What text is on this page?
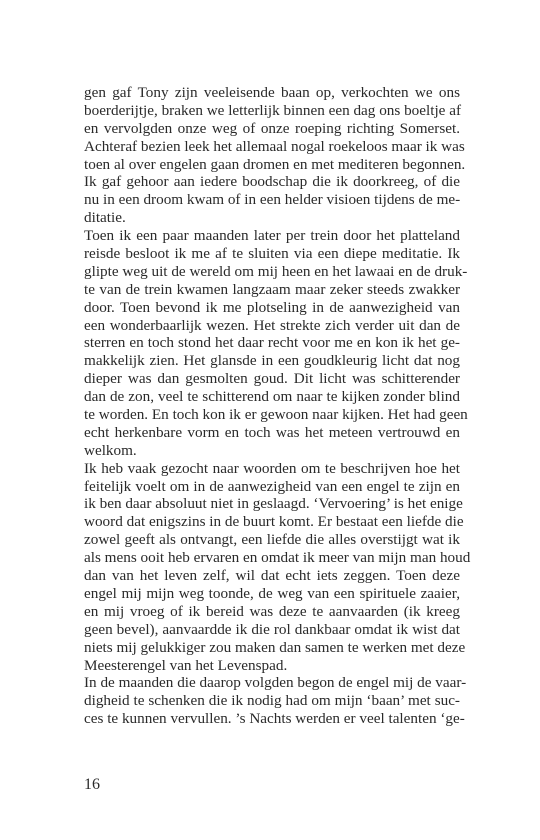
gen gaf Tony zijn veeleisende baan op, verkochten we ons
boerderijtje, braken we letterlijk binnen een dag ons boeltje af
en vervolgden onze weg of onze roeping richting Somerset.
Achteraf bezien leek het allemaal nogal roekeloos maar ik was
toen al over engelen gaan dromen en met mediteren begonnen.
Ik gaf gehoor aan iedere boodschap die ik doorkreeg, of die
nu in een droom kwam of in een helder visioen tijdens de me-
ditatie.
Toen ik een paar maanden later per trein door het platteland
reisde besloot ik me af te sluiten via een diepe meditatie. Ik
glipte weg uit de wereld om mij heen en het lawaai en de druk-
te van de trein kwamen langzaam maar zeker steeds zwakker
door. Toen bevond ik me plotseling in de aanwezigheid van
een wonderbaarlijk wezen. Het strekte zich verder uit dan de
sterren en toch stond het daar recht voor me en kon ik het ge-
makkelijk zien. Het glansde in een goudkleurig licht dat nog
dieper was dan gesmolten goud. Dit licht was schitterender
dan de zon, veel te schitterend om naar te kijken zonder blind
te worden. En toch kon ik er gewoon naar kijken. Het had geen
echt herkenbare vorm en toch was het meteen vertrouwd en
welkom.
Ik heb vaak gezocht naar woorden om te beschrijven hoe het
feitelijk voelt om in de aanwezigheid van een engel te zijn en
ik ben daar absoluut niet in geslaagd. ‘Vervoering’ is het enige
woord dat enigszins in de buurt komt. Er bestaat een liefde die
zowel geeft als ontvangt, een liefde die alles overstijgt wat ik
als mens ooit heb ervaren en omdat ik meer van mijn man houd
dan van het leven zelf, wil dat echt iets zeggen. Toen deze
engel mij mijn weg toonde, de weg van een spirituele zaaier,
en mij vroeg of ik bereid was deze te aanvaarden (ik kreeg
geen bevel), aanvaardde ik die rol dankbaar omdat ik wist dat
niets mij gelukkiger zou maken dan samen te werken met deze
Meesterengel van het Levenspad.
In de maanden die daarop volgden begon de engel mij de vaar-
digheid te schenken die ik nodig had om mijn ‘baan’ met suc-
ces te kunnen vervullen. ’s Nachts werden er veel talenten ‘ge-
16
